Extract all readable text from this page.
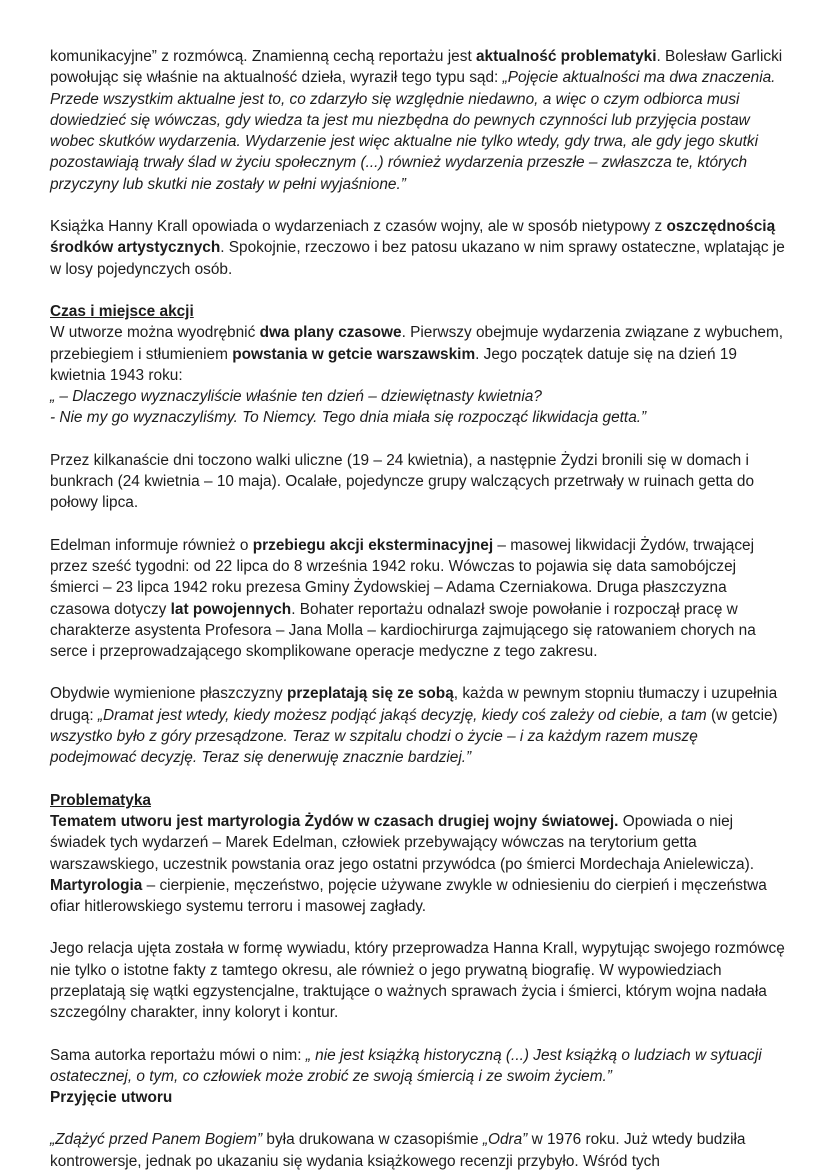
komunikacyjne” z rozmówcą. Znamienną cechą reportażu jest aktualność problematyki. Bolesław Garlicki powołując się właśnie na aktualność dzieła, wyraził tego typu sąd: „Pojęcie aktualności ma dwa znaczenia. Przede wszystkim aktualne jest to, co zdarzyło się względnie niedawno, a więc o czym odbiorca musi dowiedzieć się wówczas, gdy wiedza ta jest mu niezbędna do pewnych czynności lub przyjęcia postaw wobec skutków wydarzenia. Wydarzenie jest więc aktualne nie tylko wtedy, gdy trwa, ale gdy jego skutki pozostawiają trwały ślad w życiu społecznym (...) również wydarzenia przeszłe – zwłaszcza te, których przyczyny lub skutki nie zostały w pełni wyjaśnione.”

Książka Hanny Krall opowiada o wydarzeniach z czasów wojny, ale w sposób nietypowy z oszczędnością środków artystycznych. Spokojnie, rzeczowo i bez patosu ukazano w nim sprawy ostateczne, wplatając je w losy pojedynczych osób.

Czas i miejsce akcji

W utworze można wyodrębnić dwa plany czasowe. Pierwszy obejmuje wydarzenia związane z wybuchem, przebiegiem i stłumieniem powstania w getcie warszawskim. Jego początek datuje się na dzień 19 kwietnia 1943 roku:
„ – Dlaczego wyznaczyliście właśnie ten dzień – dziewiętnasty kwietnia?
- Nie my go wyznaczyliśmy. To Niemcy. Tego dnia miała się rozpocząć likwidacja getta.”

Przez kilkanaście dni toczono walki uliczne (19 – 24 kwietnia), a następnie Żydzi bronili się w domach i bunkrach (24 kwietnia – 10 maja). Ocalałe, pojedyncze grupy walczących przetrwały w ruinach getta do połowy lipca.

Edelman informuje również o przebiegu akcji eksterminacyjnej – masowej likwidacji Żydów, trwającej przez sześć tygodni: od 22 lipca do 8 września 1942 roku. Wówczas to pojawia się data samobójczej śmierci – 23 lipca 1942 roku prezesa Gminy Żydowskiej – Adama Czerniakowa. Druga płaszczyzna czasowa dotyczy lat powojennych. Bohater reportażu odnalazł swoje powołanie i rozpoczął pracę w charakterze asystenta Profesora – Jana Molla – kardiochirurga zajmującego się ratowaniem chorych na serce i przeprowadzającego skomplikowane operacje medyczne z tego zakresu.

Obydwie wymienione płaszczyzny przeplatają się ze sobą, każda w pewnym stopniu tłumaczy i uzupełnia drugą: „Dramat jest wtedy, kiedy możesz podjąć jakąś decyzję, kiedy coś zależy od ciebie, a tam (w getcie) wszystko było z góry przesądzone. Teraz w szpitalu chodzi o życie – i za każdym razem muszę podejmować decyzję. Teraz się denerwuję znacznie bardziej.”

Problematyka

Tematem utworu jest martyrologia Żydów w czasach drugiej wojny światowej. Opowiada o niej świadek tych wydarzeń – Marek Edelman, człowiek przebywający wówczas na terytorium getta warszawskiego, uczestnik powstania oraz jego ostatni przywódca (po śmierci Mordechaja Anielewicza). Martyrologia – cierpienie, męczeństwo, pojęcie używane zwykle w odniesieniu do cierpień i męczeństwa ofiar hitlerowskiego systemu terroru i masowej zagłady.

Jego relacja ujęta została w formę wywiadu, który przeprowadza Hanna Krall, wypytując swojego rozmówcę nie tylko o istotne fakty z tamtego okresu, ale również o jego prywatną biografię. W wypowiedziach przeplatają się wątki egzystencjalne, traktujące o ważnych sprawach życia i śmierci, którym wojna nadała szczególny charakter, inny koloryt i kontur.

Sama autorka reportażu mówi o nim: „ nie jest książką historyczną (...) Jest książką o ludziach w sytuacji ostatecznej, o tym, co człowiek może zrobić ze swoją śmiercią i ze swoim życiem.”

Przyjęcie utworu

„Zdążyć przed Panem Bogiem” była drukowana w czasopiśmie „Odra” w 1976 roku. Już wtedy budziła kontrowersje, jednak po ukazaniu się wydania książkowego recenzji przybyło. Wśród tych
